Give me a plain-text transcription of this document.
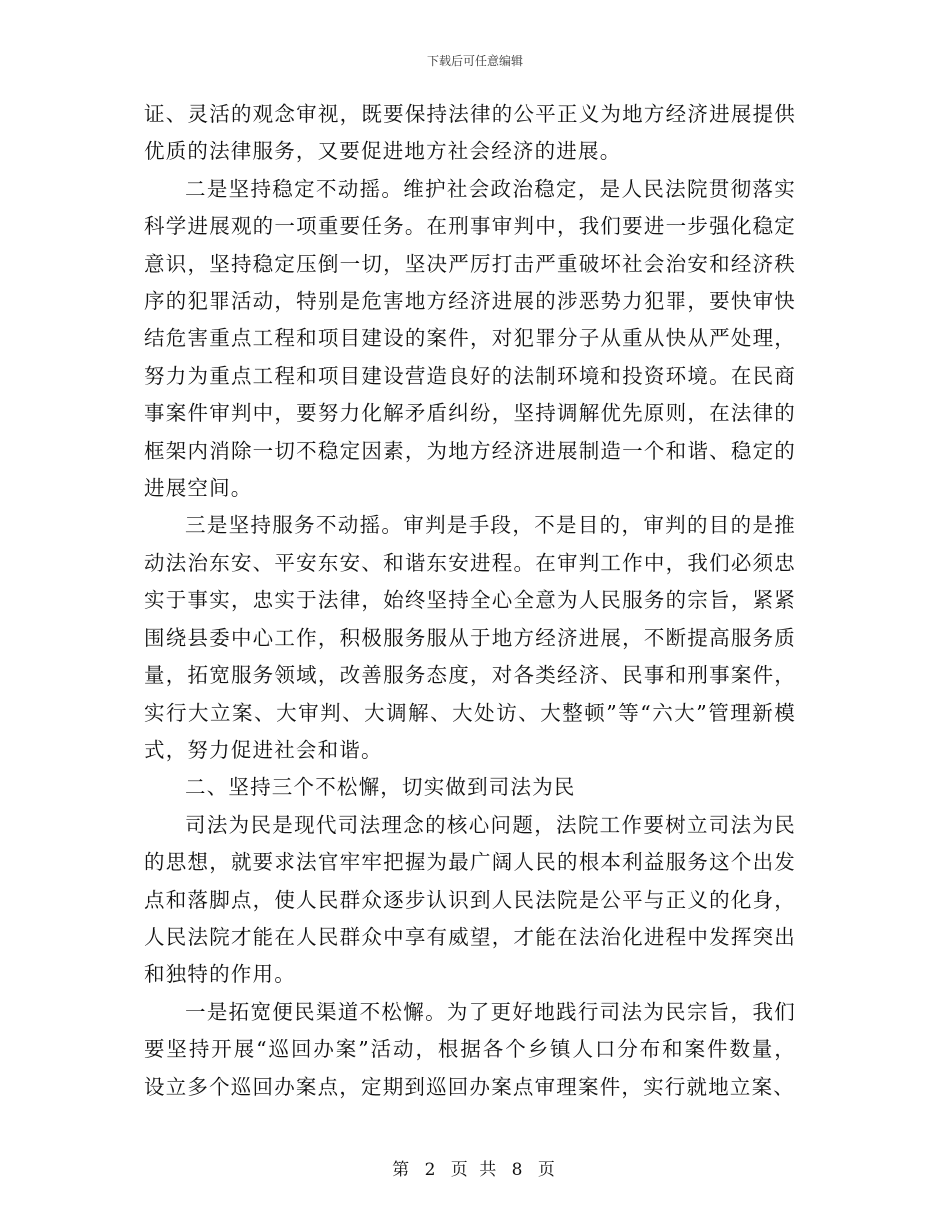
下载后可任意编辑

证、灵活的观念审视，既要保持法律的公平正义为地方经济进展提供优质的法律服务，又要促进地方社会经济的进展。

二是坚持稳定不动摇。维护社会政治稳定，是人民法院贯彻落实科学进展观的一项重要任务。在刑事审判中，我们要进一步强化稳定意识，坚持稳定压倒一切，坚决严厉打击严重破坏社会治安和经济秩序的犯罪活动，特别是危害地方经济进展的涉恶势力犯罪，要快审快结危害重点工程和项目建设的案件，对犯罪分子从重从快从严处理，努力为重点工程和项目建设营造良好的法制环境和投资环境。在民商事案件审判中，要努力化解矛盾纠纷，坚持调解优先原则，在法律的框架内消除一切不稳定因素，为地方经济进展制造一个和谐、稳定的进展空间。

三是坚持服务不动摇。审判是手段，不是目的，审判的目的是推动法治东安、平安东安、和谐东安进程。在审判工作中，我们必须忠实于事实，忠实于法律，始终坚持全心全意为人民服务的宗旨，紧紧围绕县委中心工作，积极服务服从于地方经济进展，不断提高服务质量，拓宽服务领域，改善服务态度，对各类经济、民事和刑事案件，实行大立案、大审判、大调解、大处访、大整顿”等“六大”管理新模式，努力促进社会和谐。

二、坚持三个不松懈，切实做到司法为民

司法为民是现代司法理念的核心问题，法院工作要树立司法为民的思想，就要求法官牢牢把握为最广阔人民的根本利益服务这个出发点和落脚点，使人民群众逐步认识到人民法院是公平与正义的化身，人民法院才能在人民群众中享有威望，才能在法治化进程中发挥突出和独特的作用。

一是拓宽便民渠道不松懈。为了更好地践行司法为民宗旨，我们要坚持开展“巡回办案”活动，根据各个乡镇人口分布和案件数量，设立多个巡回办案点，定期到巡回办案点审理案件，实行就地立案、

第 2 页 共 8 页
